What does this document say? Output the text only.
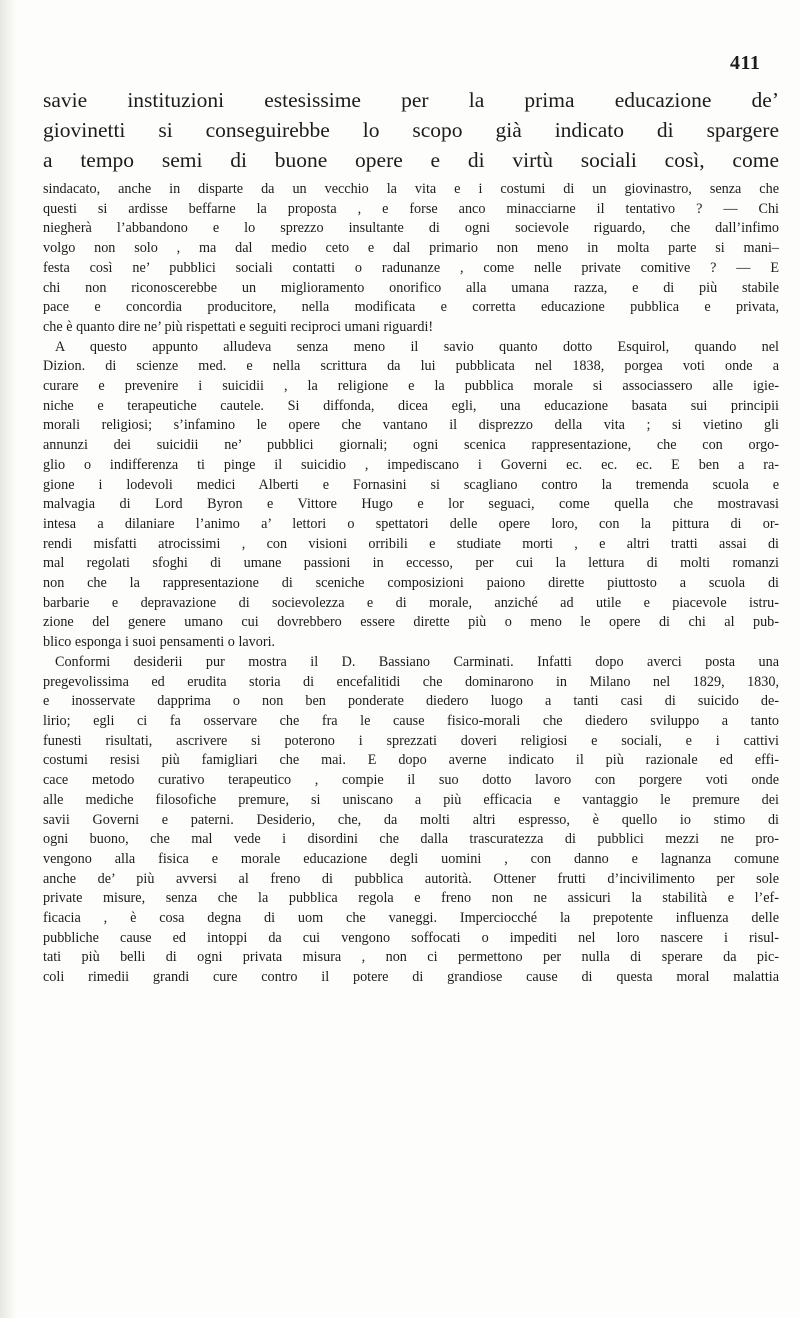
411
savie instituzioni estesissime per la prima educazione de’
giovinetti si conseguirebbe lo scopo già indicato di spargere
a tempo semi di buone opere e di virtù sociali così, come

sindacato, anche in disparte da un vecchio la vita e i costumi di un giovinastro, senza che
questi si ardisse beffarne la proposta , e forse anco minacciarne il tentativo ? — Chi
niegherà l’abbandono e lo sprezzo insultante di ogni socievole riguardo, che dall’infimo
volgo non solo , ma dal medio ceto e dal primario non meno in molta parte si mani–
festa così ne’ pubblici sociali contatti o radunanze , come nelle private comitive ? — E
chi non riconoscerebbe un miglioramento onorifico alla umana razza, e di più stabile
pace e concordia producitore, nella modificata e corretta educazione pubblica e privata,
che è quanto dire ne’ più rispettati e seguiti reciproci umani riguardi!

A questo appunto alludeva senza meno il savio quanto dotto Esquirol, quando nel
Dizion. di scienze med. e nella scrittura da lui pubblicata nel 1838, porgea voti onde a
curare e prevenire i suicidii , la religione e la pubblica morale si associassero alle igie-
niche e terapeutiche cautele. Si diffonda, dicea egli, una educazione basata sui principii
morali religiosi; s’infamino le opere che vantano il disprezzo della vita ; si vietino gli
annunzi dei suicidii ne’ pubblici giornali; ogni scenica rappresentazione, che con orgo-
glio o indifferenza ti pinge il suicidio , impediscano i Governi ec. ec. ec. E ben a ra-
gione i lodevoli medici Alberti e Fornasini si scagliano contro la tremenda scuola e
malvagia di Lord Byron e Vittore Hugo e lor seguaci, come quella che mostravasi
intesa a dilaniare l’animo a’ lettori o spettatori delle opere loro, con la pittura di or-
rendi misfatti atrocissimi , con visioni orribili e studiate morti , e altri tratti assai di
mal regolati sfoghi di umane passioni in eccesso, per cui la lettura di molti romanzi
non che la rappresentazione di sceniche composizioni paiono dirette piuttosto a scuola di
barbarie e depravazione di socievolezza e di morale, anziché ad utile e piacevole istru-
zione del genere umano cui dovrebbero essere dirette più o meno le opere di chi al pub-
blico esponga i suoi pensamenti o lavori.

Conformi desiderii pur mostra il D. Bassiano Carminati. Infatti dopo averci posta una
pregevolissima ed erudita storia di encefalitidi che dominarono in Milano nel 1829, 1830,
e inosservate dapprima o non ben ponderate diedero luogo a tanti casi di suicido de-
lirio; egli ci fa osservare che fra le cause fisico-morali che diedero sviluppo a tanto
funesti risultati, ascrivere si poterono i sprezzati doveri religiosi e sociali, e i cattivi
costumi resisi più famigliari che mai. E dopo averne indicato il più razionale ed effi-
cace metodo curativo terapeutico , compie il suo dotto lavoro con porgere voti onde
alle mediche filosofiche premure, si uniscano a più efficacia e vantaggio le premure dei
savii Governi e paterni. Desiderio, che, da molti altri espresso, è quello io stimo di
ogni buono, che mal vede i disordini che dalla trascuratezza di pubblici mezzi ne pro-
vengono alla fisica e morale educazione degli uomini , con danno e lagnanza comune
anche de’ più avversi al freno di pubblica autorità. Ottener frutti d’incivilimento per sole
private misure, senza che la pubblica regola e freno non ne assicuri la stabilità e l’ef-
ficacia , è cosa degna di uom che vaneggi. Imperciocché la prepotente influenza delle
pubbliche cause ed intoppi da cui vengono soffocati o impediti nel loro nascere i risul-
tati più belli di ogni privata misura , non ci permettono per nulla di sperare da pic-
coli rimedii grandi cure contro il potere di grandiose cause di questa moral malattia
